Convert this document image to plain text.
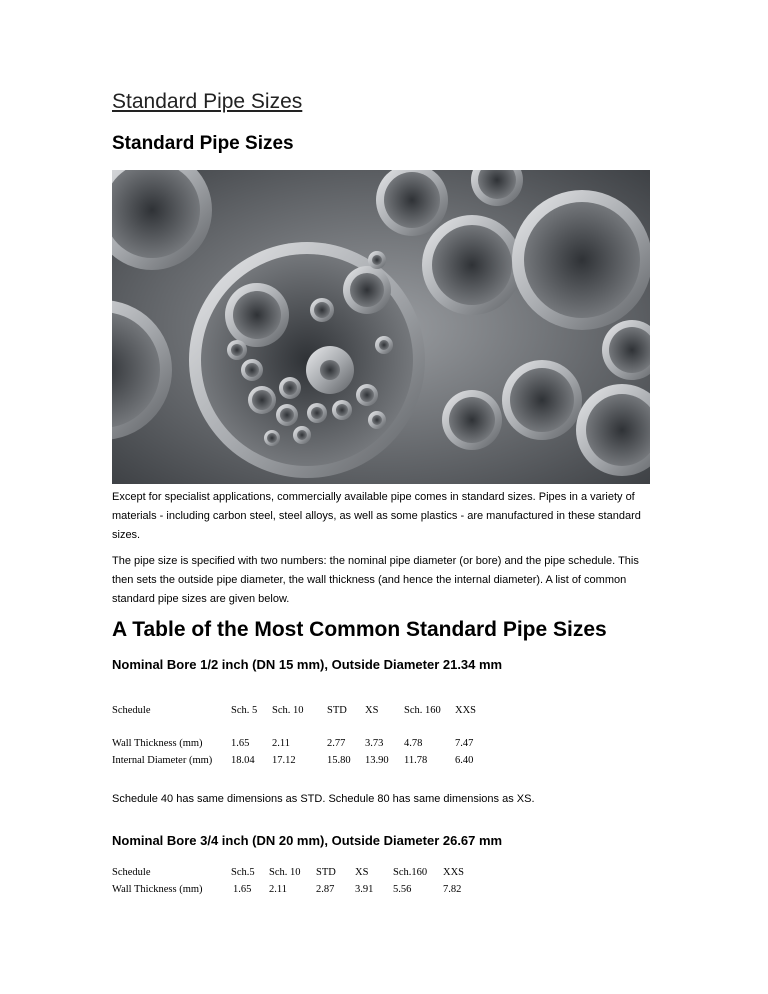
Standard Pipe Sizes
Standard Pipe Sizes
Except for specialist applications, commercially available pipe comes in standard sizes. Pipes in a variety of materials - including carbon steel, steel alloys, as well as some plastics - are manufactured in these standard sizes.
The pipe size is specified with two numbers: the nominal pipe diameter (or bore) and the pipe schedule. This then sets the outside pipe diameter, the wall thickness (and hence the internal diameter). A list of common standard pipe sizes are given below.
A Table of the Most Common Standard Pipe Sizes
Nominal Bore 1/2 inch (DN 15 mm), Outside Diameter 21.34 mm
Schedule	Sch. 5 Sch. 10 STD XS Sch. 160 XXS
Wall Thickness (mm)	1.65 2.11	2.77 3.73 4.78	7.47
Internal Diameter (mm) 18.04 17.12	15.80 13.90 11.78	6.40
Schedule 40 has same dimensions as STD. Schedule 80 has same dimensions as XS.
Nominal Bore 3/4 inch (DN 20 mm), Outside Diameter 26.67 mm
Schedule	Sch.5 Sch. 10 STD XS Sch.160 XXS
Wall Thickness (mm)	1.65 2.11	2.87 3.91 5.56	7.82
